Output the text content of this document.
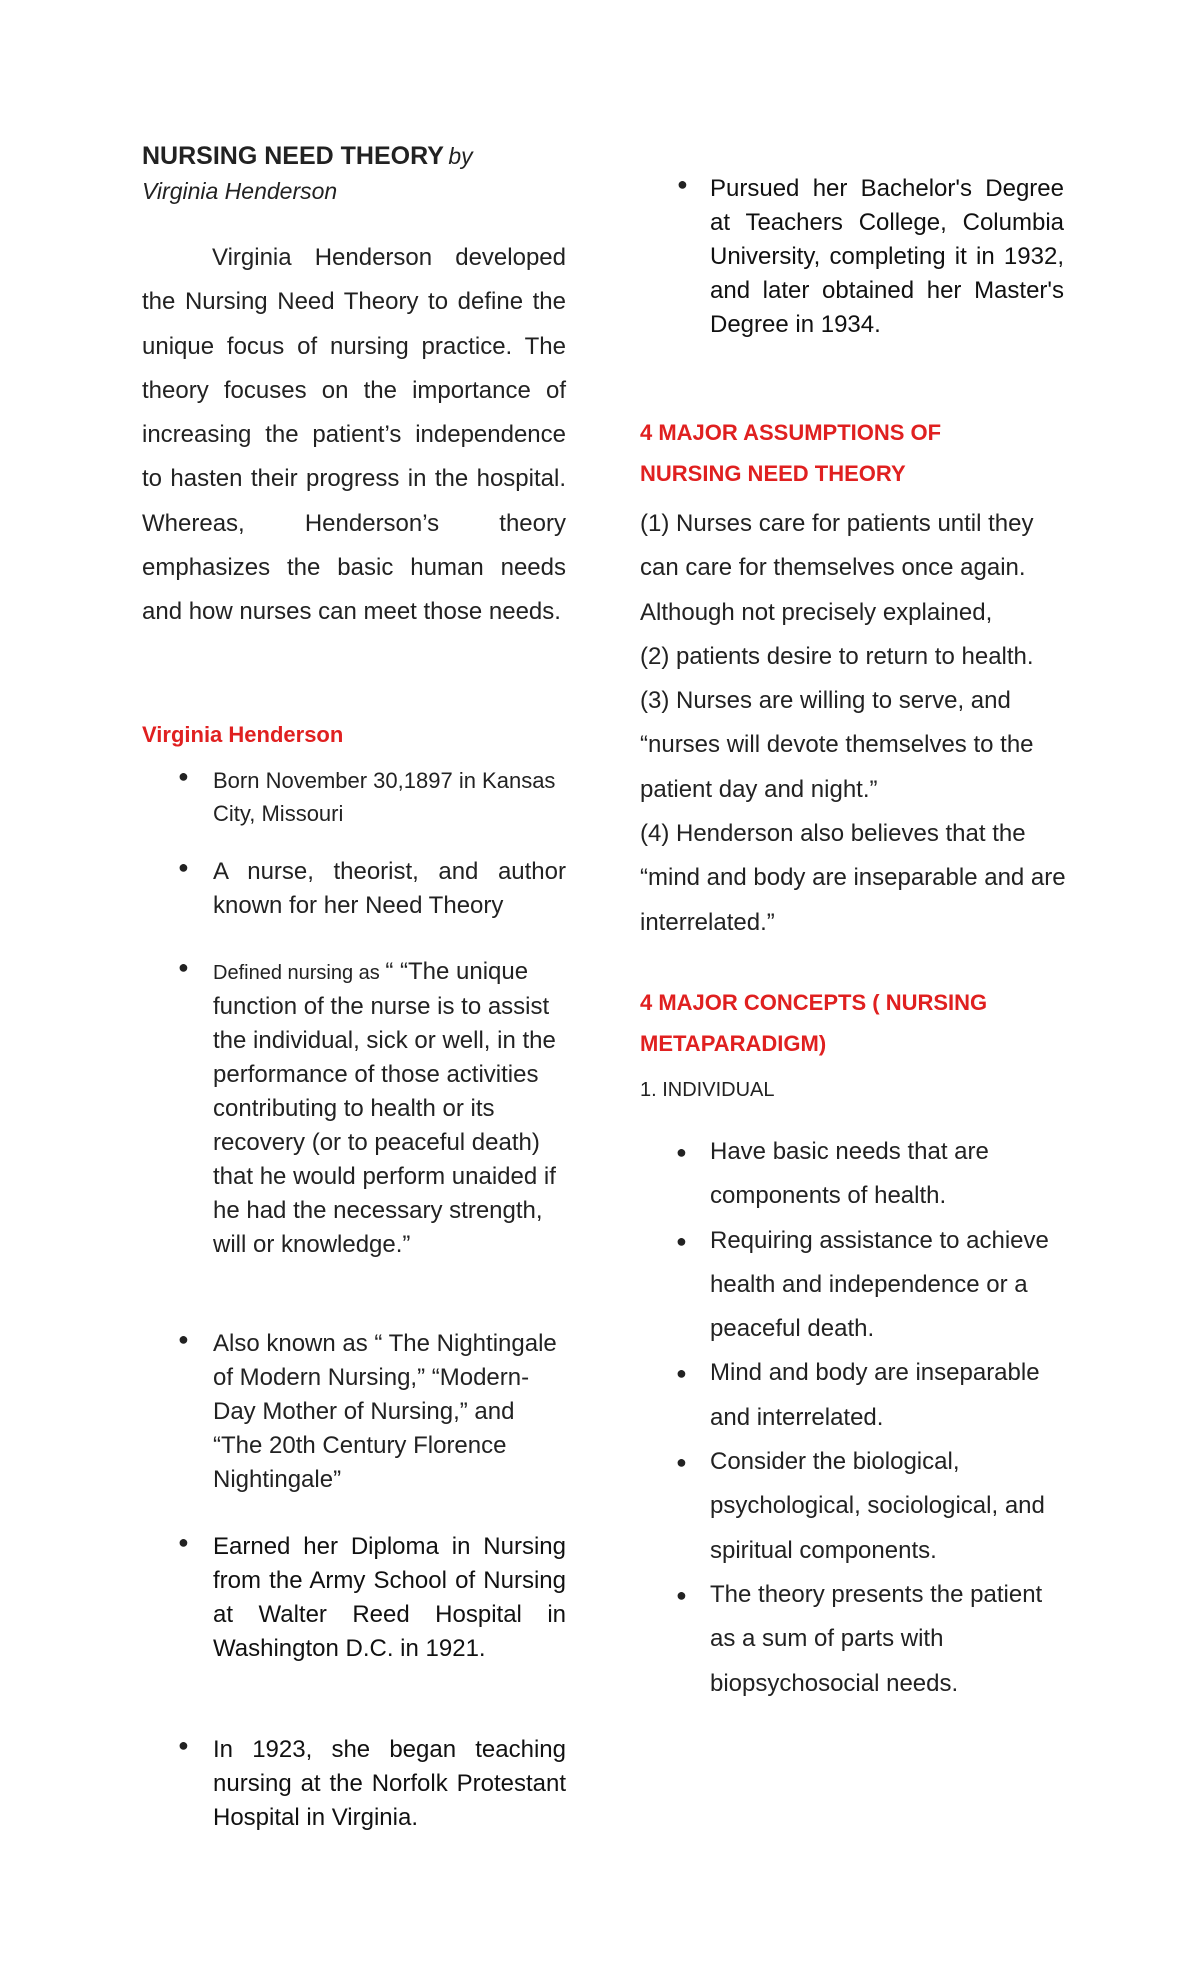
NURSING NEED THEORY by
Virginia Henderson

Virginia Henderson developed the Nursing Need Theory to define the unique focus of nursing practice. The theory focuses on the importance of increasing the patient’s independence to hasten their progress in the hospital. Whereas, Henderson’s theory emphasizes the basic human needs and how nurses can meet those needs.

Virginia Henderson
● Born November 30,1897 in Kansas City, Missouri
● A nurse, theorist, and author known for her Need Theory
● Defined nursing as “ “The unique function of the nurse is to assist the individual, sick or well, in the performance of those activities contributing to health or its recovery (or to peaceful death) that he would perform unaided if he had the necessary strength, will or knowledge.”
● Also known as “ The Nightingale of Modern Nursing,” “Modern-Day Mother of Nursing,” and “The 20th Century Florence Nightingale”
● Earned her Diploma in Nursing from the Army School of Nursing at Walter Reed Hospital in Washington D.C. in 1921.
● In 1923, she began teaching nursing at the Norfolk Protestant Hospital in Virginia.
● Pursued her Bachelor's Degree at Teachers College, Columbia University, completing it in 1932, and later obtained her Master's Degree in 1934.
4 MAJOR ASSUMPTIONS OF
NURSING NEED THEORY

(1) Nurses care for patients until they can care for themselves once again. Although not precisely explained,

(2) patients desire to return to health.

(3) Nurses are willing to serve, and “nurses will devote themselves to the patient day and night.”

(4) Henderson also believes that the “mind and body are inseparable and are interrelated.”

4 MAJOR CONCEPTS ( NURSING
METAPARADIGM)
1. INDIVIDUAL
● Have basic needs that are components of health.
● Requiring assistance to achieve health and independence or a peaceful death.
● Mind and body are inseparable and interrelated.
● Consider the biological, psychological, sociological, and spiritual components.
● The theory presents the patient as a sum of parts with biopsychosocial needs.
